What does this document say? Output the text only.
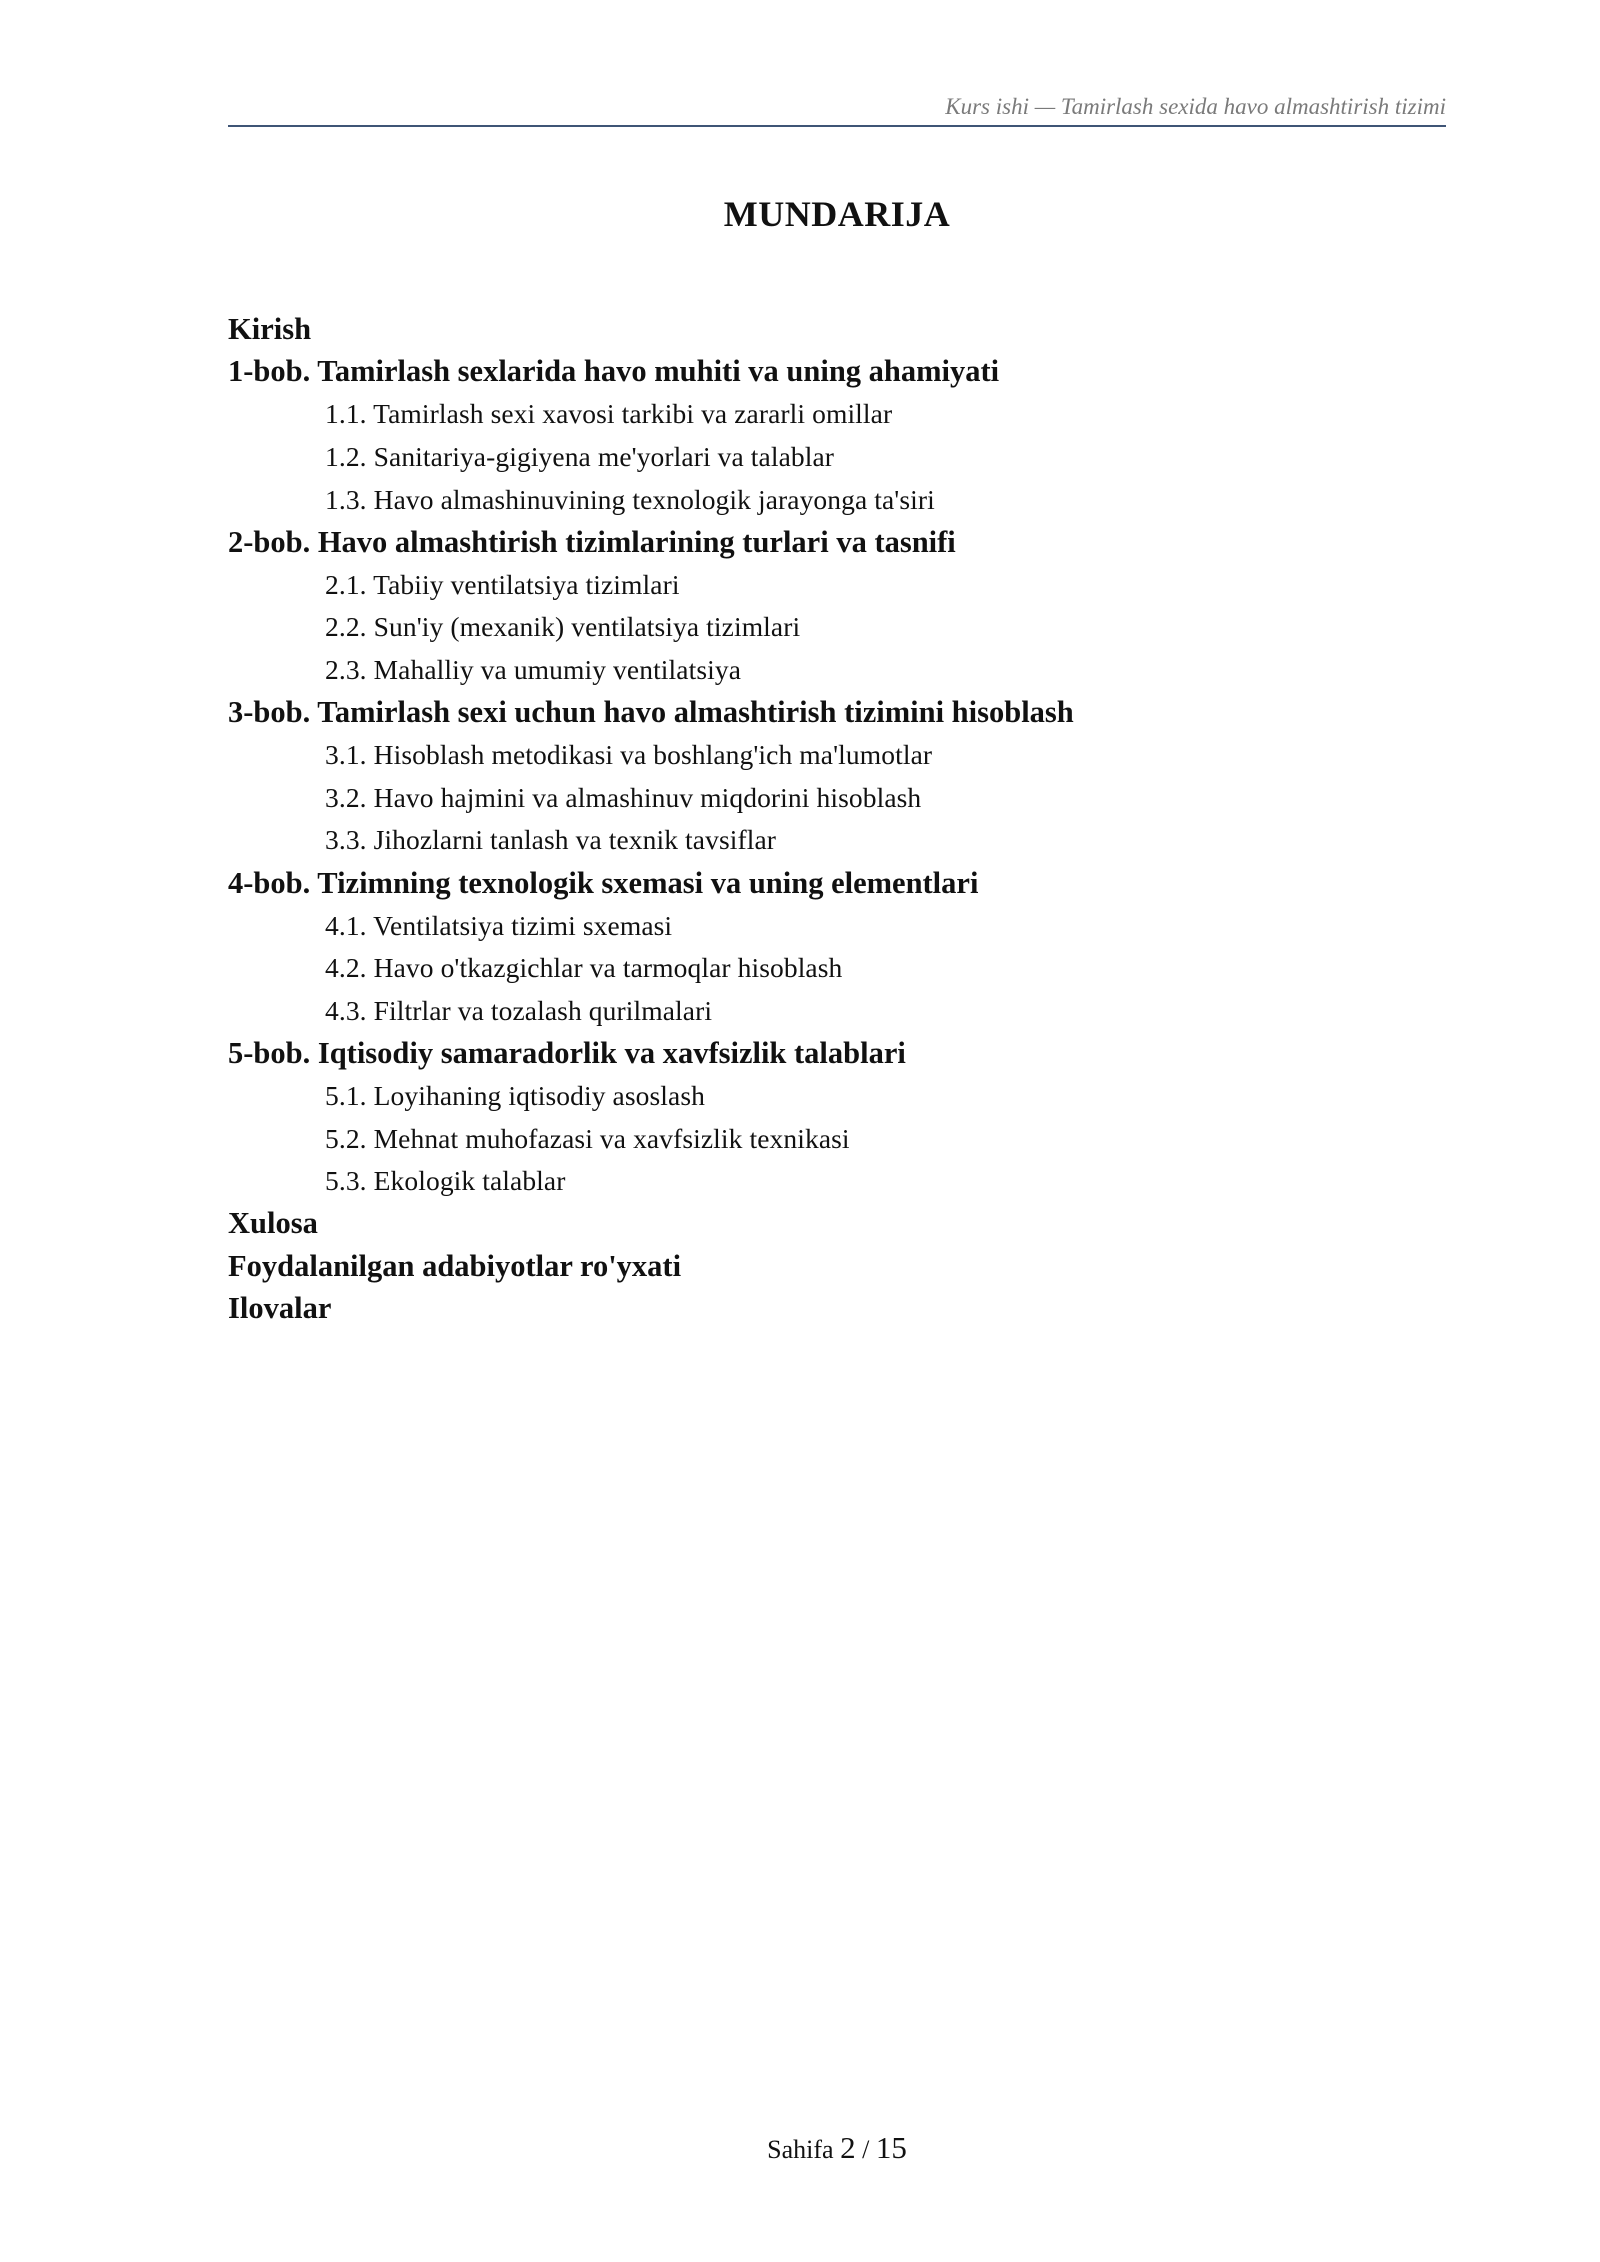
Kurs ishi — Tamirlash sexida havo almashtirish tizimi
MUNDARIJA
Kirish
1-bob. Tamirlash sexlarida havo muhiti va uning ahamiyati
1.1. Tamirlash sexi xavosi tarkibi va zararli omillar
1.2. Sanitariya-gigiyena me'yorlari va talablar
1.3. Havo almashinuvining texnologik jarayonga ta'siri
2-bob. Havo almashtirish tizimlarining turlari va tasnifi
2.1. Tabiiy ventilatsiya tizimlari
2.2. Sun'iy (mexanik) ventilatsiya tizimlari
2.3. Mahalliy va umumiy ventilatsiya
3-bob. Tamirlash sexi uchun havo almashtirish tizimini hisoblash
3.1. Hisoblash metodikasi va boshlang'ich ma'lumotlar
3.2. Havo hajmini va almashinuv miqdorini hisoblash
3.3. Jihozlarni tanlash va texnik tavsiflar
4-bob. Tizimning texnologik sxemasi va uning elementlari
4.1. Ventilatsiya tizimi sxemasi
4.2. Havo o'tkazgichlar va tarmoqlar hisoblash
4.3. Filtrlar va tozalash qurilmalari
5-bob. Iqtisodiy samaradorlik va xavfsizlik talablari
5.1. Loyihaning iqtisodiy asoslash
5.2. Mehnat muhofazasi va xavfsizlik texnikasi
5.3. Ekologik talablar
Xulosa
Foydalanilgan adabiyotlar ro'yxati
Ilovalar
Sahifa 2 / 15
